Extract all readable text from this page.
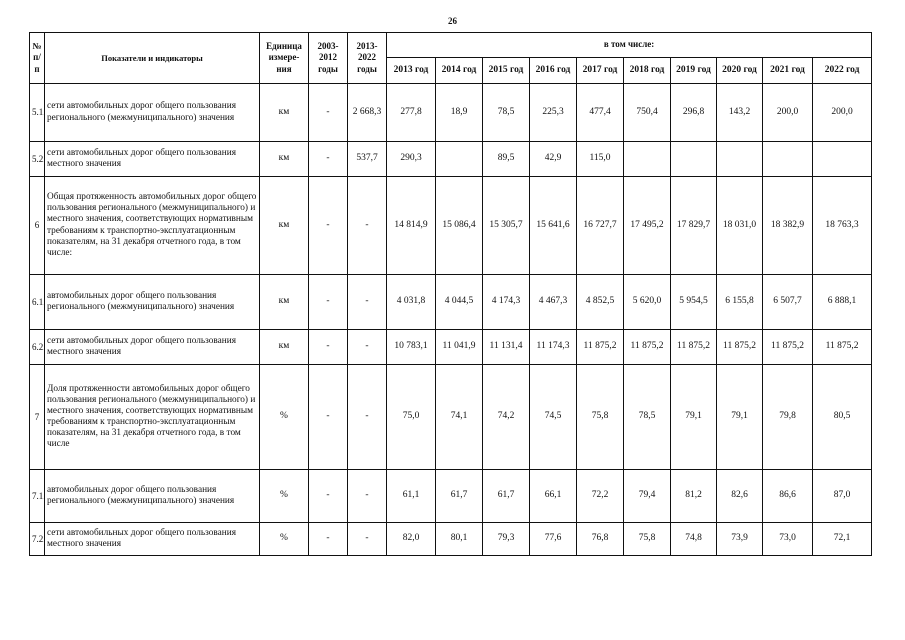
26
№ п/п	Показатели и индикаторы	Единица измере-ния	2003-2012 годы	2013-2022 годы	в том числе:									
					2013 год	2014 год	2015 год	2016 год	2017 год	2018 год	2019 год	2020 год	2021 год	2022 год
5.1.	сети автомобильных дорог общего пользования регионального (межмуниципального) значения	км	-	2 668,3	277,8	18,9	78,5	225,3	477,4	750,4	296,8	143,2	200,0	200,0
5.2.	сети автомобильных дорог общего пользования местного значения	км	-	537,7	290,3		89,5	42,9	115,0					
6	Общая протяженность автомобильных дорог общего пользования регионального (межмуниципального) и местного значения, соответствующих нормативным требованиям к транспортно-эксплуатационным показателям, на 31 декабря отчетного года, в том числе:	км	-	-	14 814,9	15 086,4	15 305,7	15 641,6	16 727,7	17 495,2	17 829,7	18 031,0	18 382,9	18 763,3
6.1.	автомобильных дорог общего пользования регионального (межмуниципального) значения	км	-	-	4 031,8	4 044,5	4 174,3	4 467,3	4 852,5	5 620,0	5 954,5	6 155,8	6 507,7	6 888,1
6.2.	сети автомобильных дорог общего пользования местного значения	км	-	-	10 783,1	11 041,9	11 131,4	11 174,3	11 875,2	11 875,2	11 875,2	11 875,2	11 875,2	11 875,2
7	Доля протяженности автомобильных дорог общего пользования регионального (межмуниципального) и местного значения, соответствующих нормативным требованиям к транспортно-эксплуатационным показателям, на 31 декабря отчетного года, в том числе	%	-	-	75,0	74,1	74,2	74,5	75,8	78,5	79,1	79,1	79,8	80,5
7.1.	автомобильных дорог общего пользования регионального (межмуниципального) значения	%	-	-	61,1	61,7	61,7	66,1	72,2	79,4	81,2	82,6	86,6	87,0
7.2.	сети автомобильных дорог общего пользования местного значения	%	-	-	82,0	80,1	79,3	77,6	76,8	75,8	74,8	73,9	73,0	72,1
